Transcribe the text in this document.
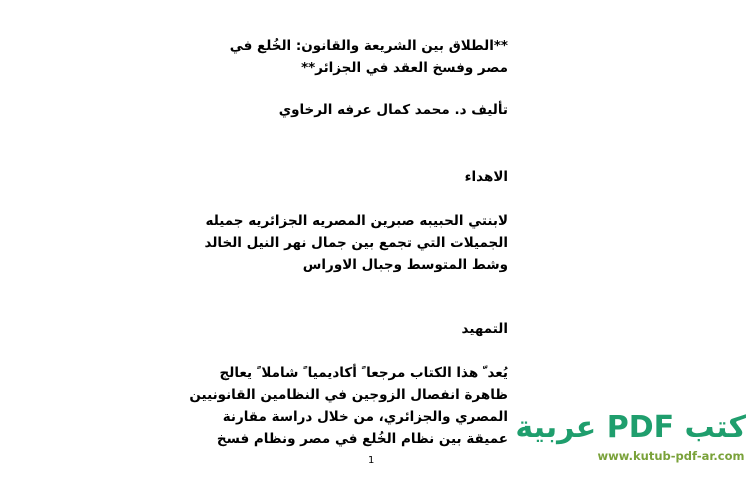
**الطلاق بين الشريعة والقانون: الخُلع في
مصر وفسخ العقد في الجزائر**
تأليف د. محمد كمال عرفه الرخاوي
الاهداء
لابنتي الحبيبه صبرين المصريه الجزائريه جميله
الجميلات التي تجمع بين جمال نهر النيل الخالد
وشط المتوسط وجبال الاوراس
التمهيد
يُعد ّ هذا الكتاب مرجعا ً أكاديميا ً شاملا ً يعالج
ظاهرة انفصال الزوجين في النظامين القانونيين
المصري والجزائري، من خلال دراسة مقارنة
عميقة بين نظام الخُلع في مصر ونظام فسخ
1
كتب PDF عربية
www.kutub-pdf-ar.com
